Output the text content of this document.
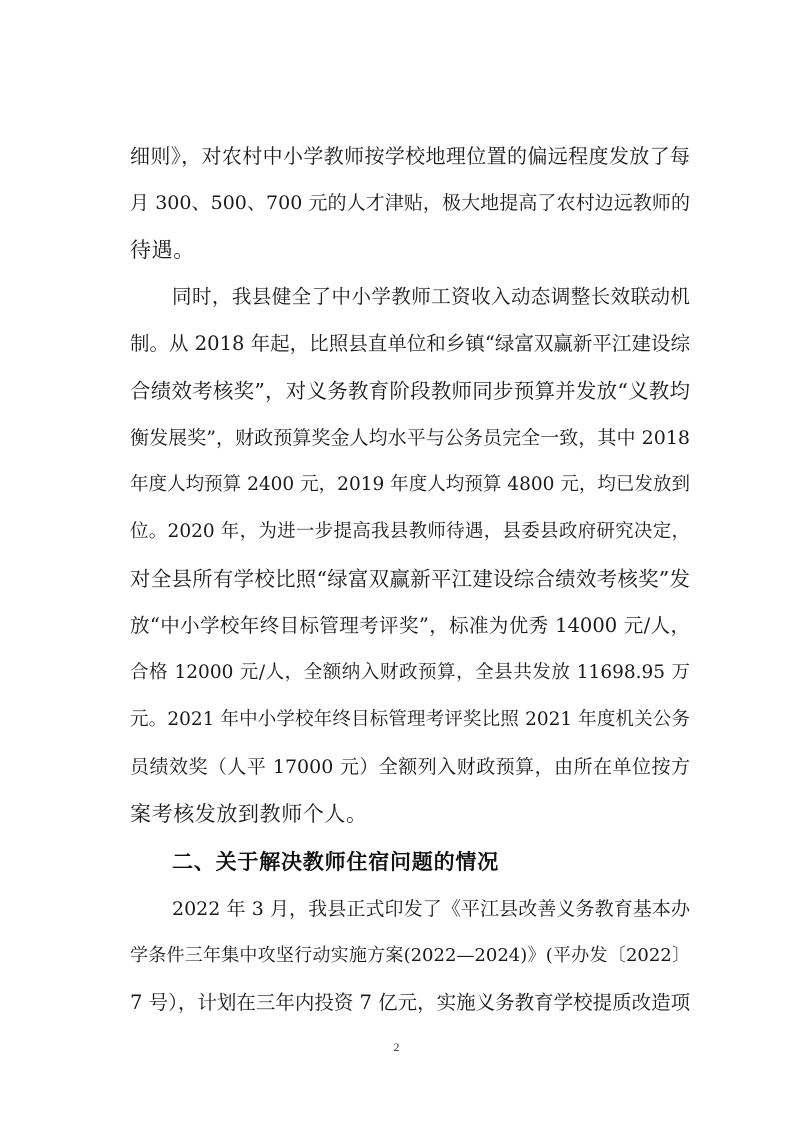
细则》，对农村中小学教师按学校地理位置的偏远程度发放了每
月 300、500、700 元的人才津贴，极大地提高了农村边远教师的
待遇。
同时，我县健全了中小学教师工资收入动态调整长效联动机
制。从 2018 年起，比照县直单位和乡镇“绿富双赢新平江建设综
合绩效考核奖”，对义务教育阶段教师同步预算并发放“义教均
衡发展奖”，财政预算奖金人均水平与公务员完全一致，其中 2018
年度人均预算 2400 元，2019 年度人均预算 4800 元，均已发放到
位。2020 年，为进一步提高我县教师待遇，县委县政府研究决定，
对全县所有学校比照“绿富双赢新平江建设综合绩效考核奖”发
放“中小学校年终目标管理考评奖”，标准为优秀 14000 元/人，
合格 12000 元/人，全额纳入财政预算，全县共发放 11698.95 万
元。2021 年中小学校年终目标管理考评奖比照 2021 年度机关公务
员绩效奖（人平 17000 元）全额列入财政预算，由所在单位按方
案考核发放到教师个人。
二、关于解决教师住宿问题的情况
2022 年 3 月，我县正式印发了《平江县改善义务教育基本办
学条件三年集中攻坚行动实施方案(2022—2024)》(平办发〔2022〕
7 号），计划在三年内投资 7 亿元，实施义务教育学校提质改造项
2
